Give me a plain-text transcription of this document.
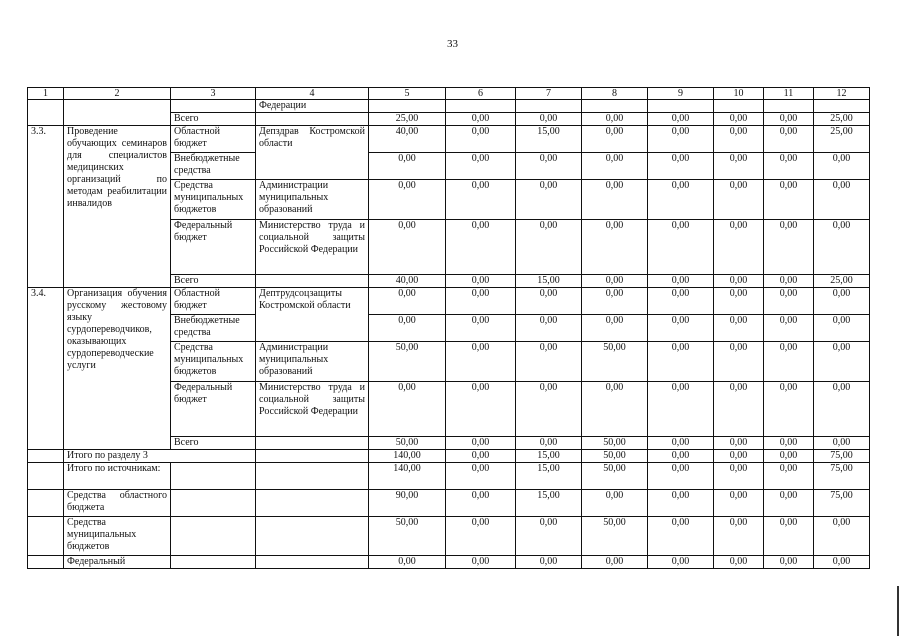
33
1	2	3	4	5	6	7	8	9	10	11	12
			Федерации								
		Всего		25,00	0,00	0,00	0,00	0,00	0,00	0,00	25,00
3.3.	Проведение обучающих семинаров для специалистов медицинских организаций по методам реабилитации инвалидов	Областной бюджет	Депздрав Костромской области	40,00	0,00	15,00	0,00	0,00	0,00	0,00	25,00
		Внебюджетные средства		0,00	0,00	0,00	0,00	0,00	0,00	0,00	0,00
		Средства муниципальных бюджетов	Администрации муниципальных образований	0,00	0,00	0,00	0,00	0,00	0,00	0,00	0,00
		Федеральный бюджет	Министерство труда и социальной защиты Российской Федерации	0,00	0,00	0,00	0,00	0,00	0,00	0,00	0,00
		Всего		40,00	0,00	15,00	0,00	0,00	0,00	0,00	25,00
3.4.	Организация обучения русскому жестовому языку сурдопереводчиков, оказывающих сурдопереводческие услуги	Областной бюджет	Дептрудсоцзащиты Костромской области	0,00	0,00	0,00	0,00	0,00	0,00	0,00	0,00
		Внебюджетные средства		0,00	0,00	0,00	0,00	0,00	0,00	0,00	0,00
		Средства муниципальных бюджетов	Администрации муниципальных образований	50,00	0,00	0,00	50,00	0,00	0,00	0,00	0,00
		Федеральный бюджет	Министерство труда и социальной защиты Российской Федерации	0,00	0,00	0,00	0,00	0,00	0,00	0,00	0,00
		Всего		50,00	0,00	0,00	50,00	0,00	0,00	0,00	0,00
	Итого по разделу 3			140,00	0,00	15,00	50,00	0,00	0,00	0,00	75,00
	Итого по источникам:			140,00	0,00	15,00	50,00	0,00	0,00	0,00	75,00
	Средства областного бюджета			90,00	0,00	15,00	0,00	0,00	0,00	0,00	75,00
	Средства муниципальных бюджетов			50,00	0,00	0,00	50,00	0,00	0,00	0,00	0,00
	Федеральный			0,00	0,00	0,00	0,00	0,00	0,00	0,00	0,00
